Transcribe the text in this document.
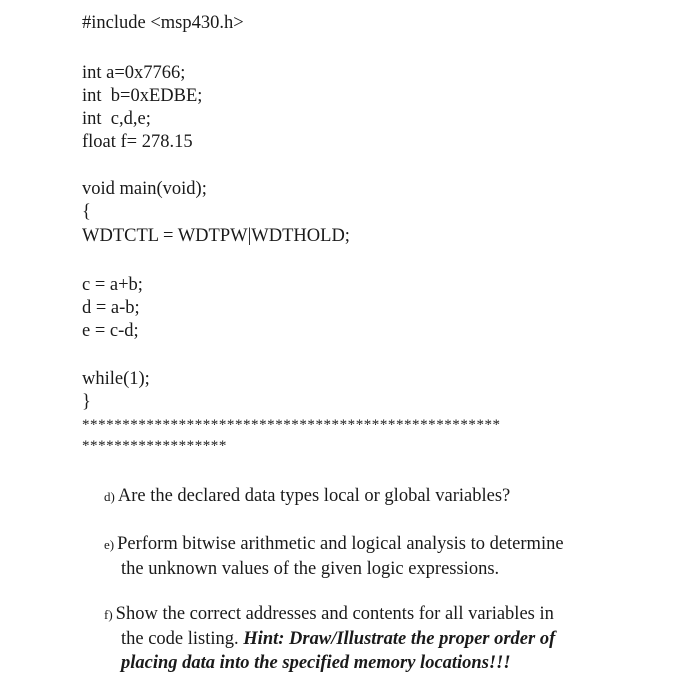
#include <msp430.h>
int a=0x7766;
int  b=0xEDBE;
int  c,d,e;
float f= 278.15
void main(void);
{
WDTCTL = WDTPW|WDTHOLD;
c = a+b;
d = a-b;
e = c-d;
while(1);
}
****************************************************
******************
d) Are the declared data types local or global variables?
e) Perform bitwise arithmetic and logical analysis to determine
the unknown values of the given logic expressions.
f) Show the correct addresses and contents for all variables in
the code listing. Hint: Draw/Illustrate the proper order of
placing data into the specified memory locations!!!
